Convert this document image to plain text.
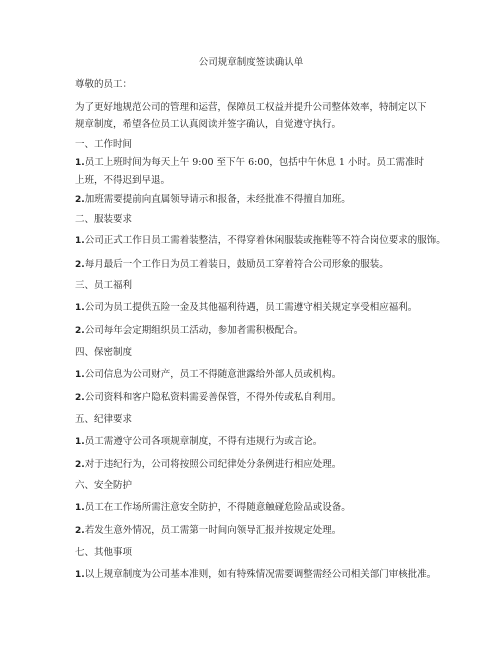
公司规章制度签读确认单
尊敬的员工：
为了更好地规范公司的管理和运营，保障员工权益并提升公司整体效率，特制定以下规章制度，希望各位员工认真阅读并签字确认，自觉遵守执行。
一、工作时间
1.员工上班时间为每天上午 9:00 至下午 6:00，包括中午休息 1 小时。员工需准时上班，不得迟到早退。
2.加班需要提前向直属领导请示和报备，未经批准不得擅自加班。
二、服装要求
1.公司正式工作日员工需着装整洁，不得穿着休闲服装或拖鞋等不符合岗位要求的服饰。
2.每月最后一个工作日为员工着装日，鼓励员工穿着符合公司形象的服装。
三、员工福利
1.公司为员工提供五险一金及其他福利待遇，员工需遵守相关规定享受相应福利。
2.公司每年会定期组织员工活动，参加者需积极配合。
四、保密制度
1.公司信息为公司财产，员工不得随意泄露给外部人员或机构。
2.公司资料和客户隐私资料需妥善保管，不得外传或私自利用。
五、纪律要求
1.员工需遵守公司各项规章制度，不得有违规行为或言论。
2.对于违纪行为，公司将按照公司纪律处分条例进行相应处理。
六、安全防护
1.员工在工作场所需注意安全防护，不得随意触碰危险品或设备。
2.若发生意外情况，员工需第一时间向领导汇报并按规定处理。
七、其他事项
1.以上规章制度为公司基本准则，如有特殊情况需要调整需经公司相关部门审核批准。
